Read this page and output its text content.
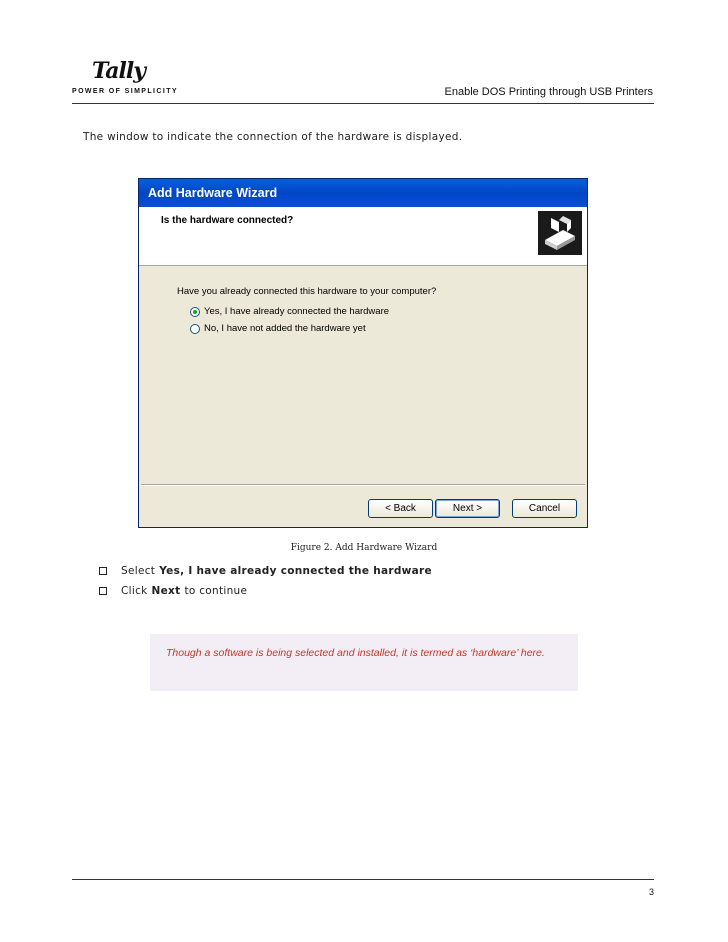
Tally
POWER OF SIMPLICITY	Enable DOS Printing through USB Printers
The window to indicate the connection of the hardware is displayed.
Add Hardware Wizard
Is the hardware connected?
Have you already connected this hardware to your computer?
Yes, I have already connected the hardware
No, I have not added the hardware yet
< Back	Next >	Cancel
Figure 2. Add Hardware Wizard
Select Yes, I have already connected the hardware
Click Next to continue
Though a software is being selected and installed, it is termed as ‘hardware’ here.
3
